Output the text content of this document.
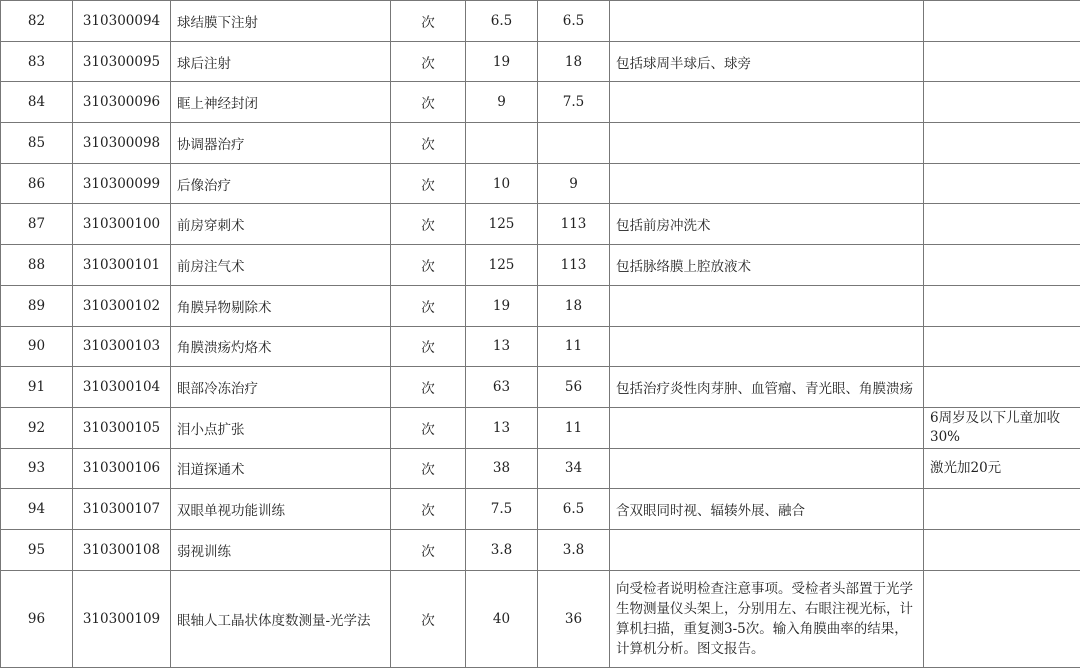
82	310300094	球结膜下注射	次	6.5	6.5		
83	310300095	球后注射	次	19	18	包括球周半球后、球旁	
84	310300096	眶上神经封闭	次	9	7.5		
85	310300098	协调器治疗	次				
86	310300099	后像治疗	次	10	9		
87	310300100	前房穿刺术	次	125	113	包括前房冲洗术	
88	310300101	前房注气术	次	125	113	包括脉络膜上腔放液术	
89	310300102	角膜异物剔除术	次	19	18		
90	310300103	角膜溃疡灼烙术	次	13	11		
91	310300104	眼部冷冻治疗	次	63	56	包括治疗炎性肉芽肿、血管瘤、青光眼、角膜溃疡	
92	310300105	泪小点扩张	次	13	11		6周岁及以下儿童加收30%
93	310300106	泪道探通术	次	38	34		激光加20元
94	310300107	双眼单视功能训练	次	7.5	6.5	含双眼同时视、辐辏外展、融合	
95	310300108	弱视训练	次	3.8	3.8		
96	310300109	眼轴人工晶状体度数测量-光学法	次	40	36	向受检者说明检查注意事项。受检者头部置于光学生物测量仪头架上，分别用左、右眼注视光标，计算机扫描，重复测3-5次。输入角膜曲率的结果，计算机分析。图文报告。	
